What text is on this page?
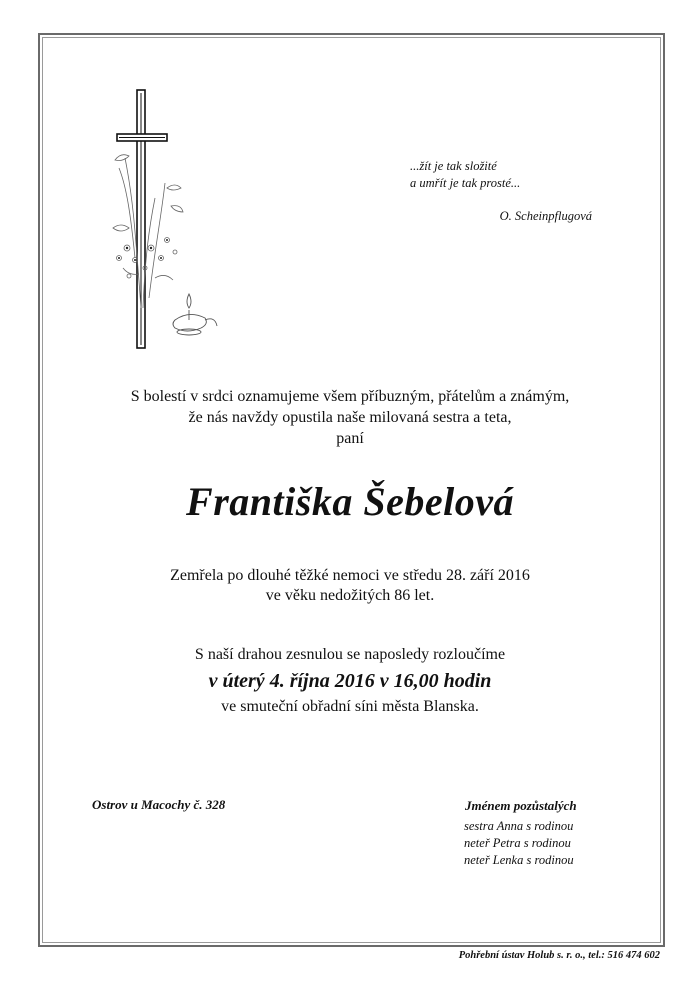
...žít je tak složité
a umřít je tak prosté...
O. Scheinpflugová
S bolestí v srdci oznamujeme všem příbuzným, přátelům a známým,
že nás navždy opustila naše milovaná sestra a teta,
paní
Františka Šebelová
Zemřela po dlouhé těžké nemoci ve středu 28. září 2016
ve věku nedožitých 86 let.
S naší drahou zesnulou se naposledy rozloučíme
v úterý 4. října 2016 v 16,00 hodin
ve smuteční obřadní síni města Blanska.
Ostrov u Macochy č. 328	Jménem pozůstalých
sestra Anna s rodinou
neteř Petra s rodinou
neteř Lenka s rodinou
Pohřební ústav Holub s. r. o., tel.: 516 474 602
